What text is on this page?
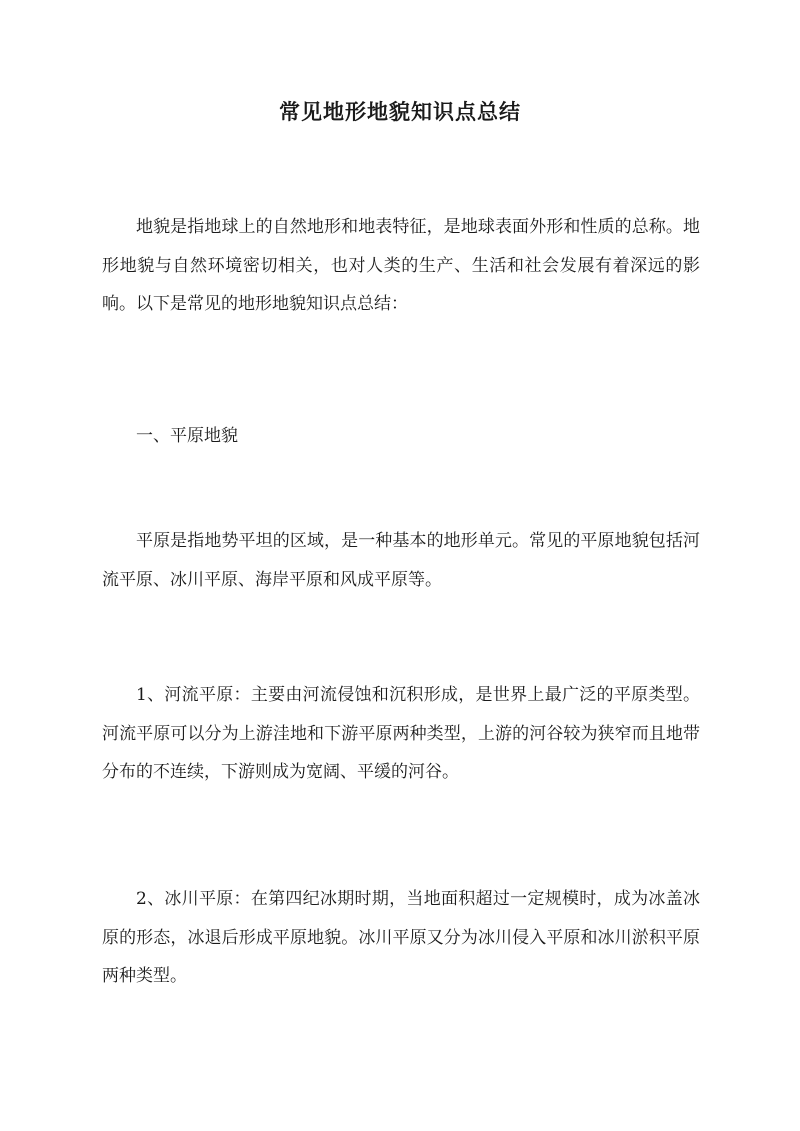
常见地形地貌知识点总结

地貌是指地球上的自然地形和地表特征，是地球表面外形和性质的总称。地形地貌与自然环境密切相关，也对人类的生产、生活和社会发展有着深远的影响。以下是常见的地形地貌知识点总结：

一、平原地貌

平原是指地势平坦的区域，是一种基本的地形单元。常见的平原地貌包括河流平原、冰川平原、海岸平原和风成平原等。

1、河流平原：主要由河流侵蚀和沉积形成，是世界上最广泛的平原类型。河流平原可以分为上游洼地和下游平原两种类型，上游的河谷较为狭窄而且地带分布的不连续，下游则成为宽阔、平缓的河谷。

2、冰川平原：在第四纪冰期时期，当地面积超过一定规模时，成为冰盖冰原的形态，冰退后形成平原地貌。冰川平原又分为冰川侵入平原和冰川淤积平原两种类型。
